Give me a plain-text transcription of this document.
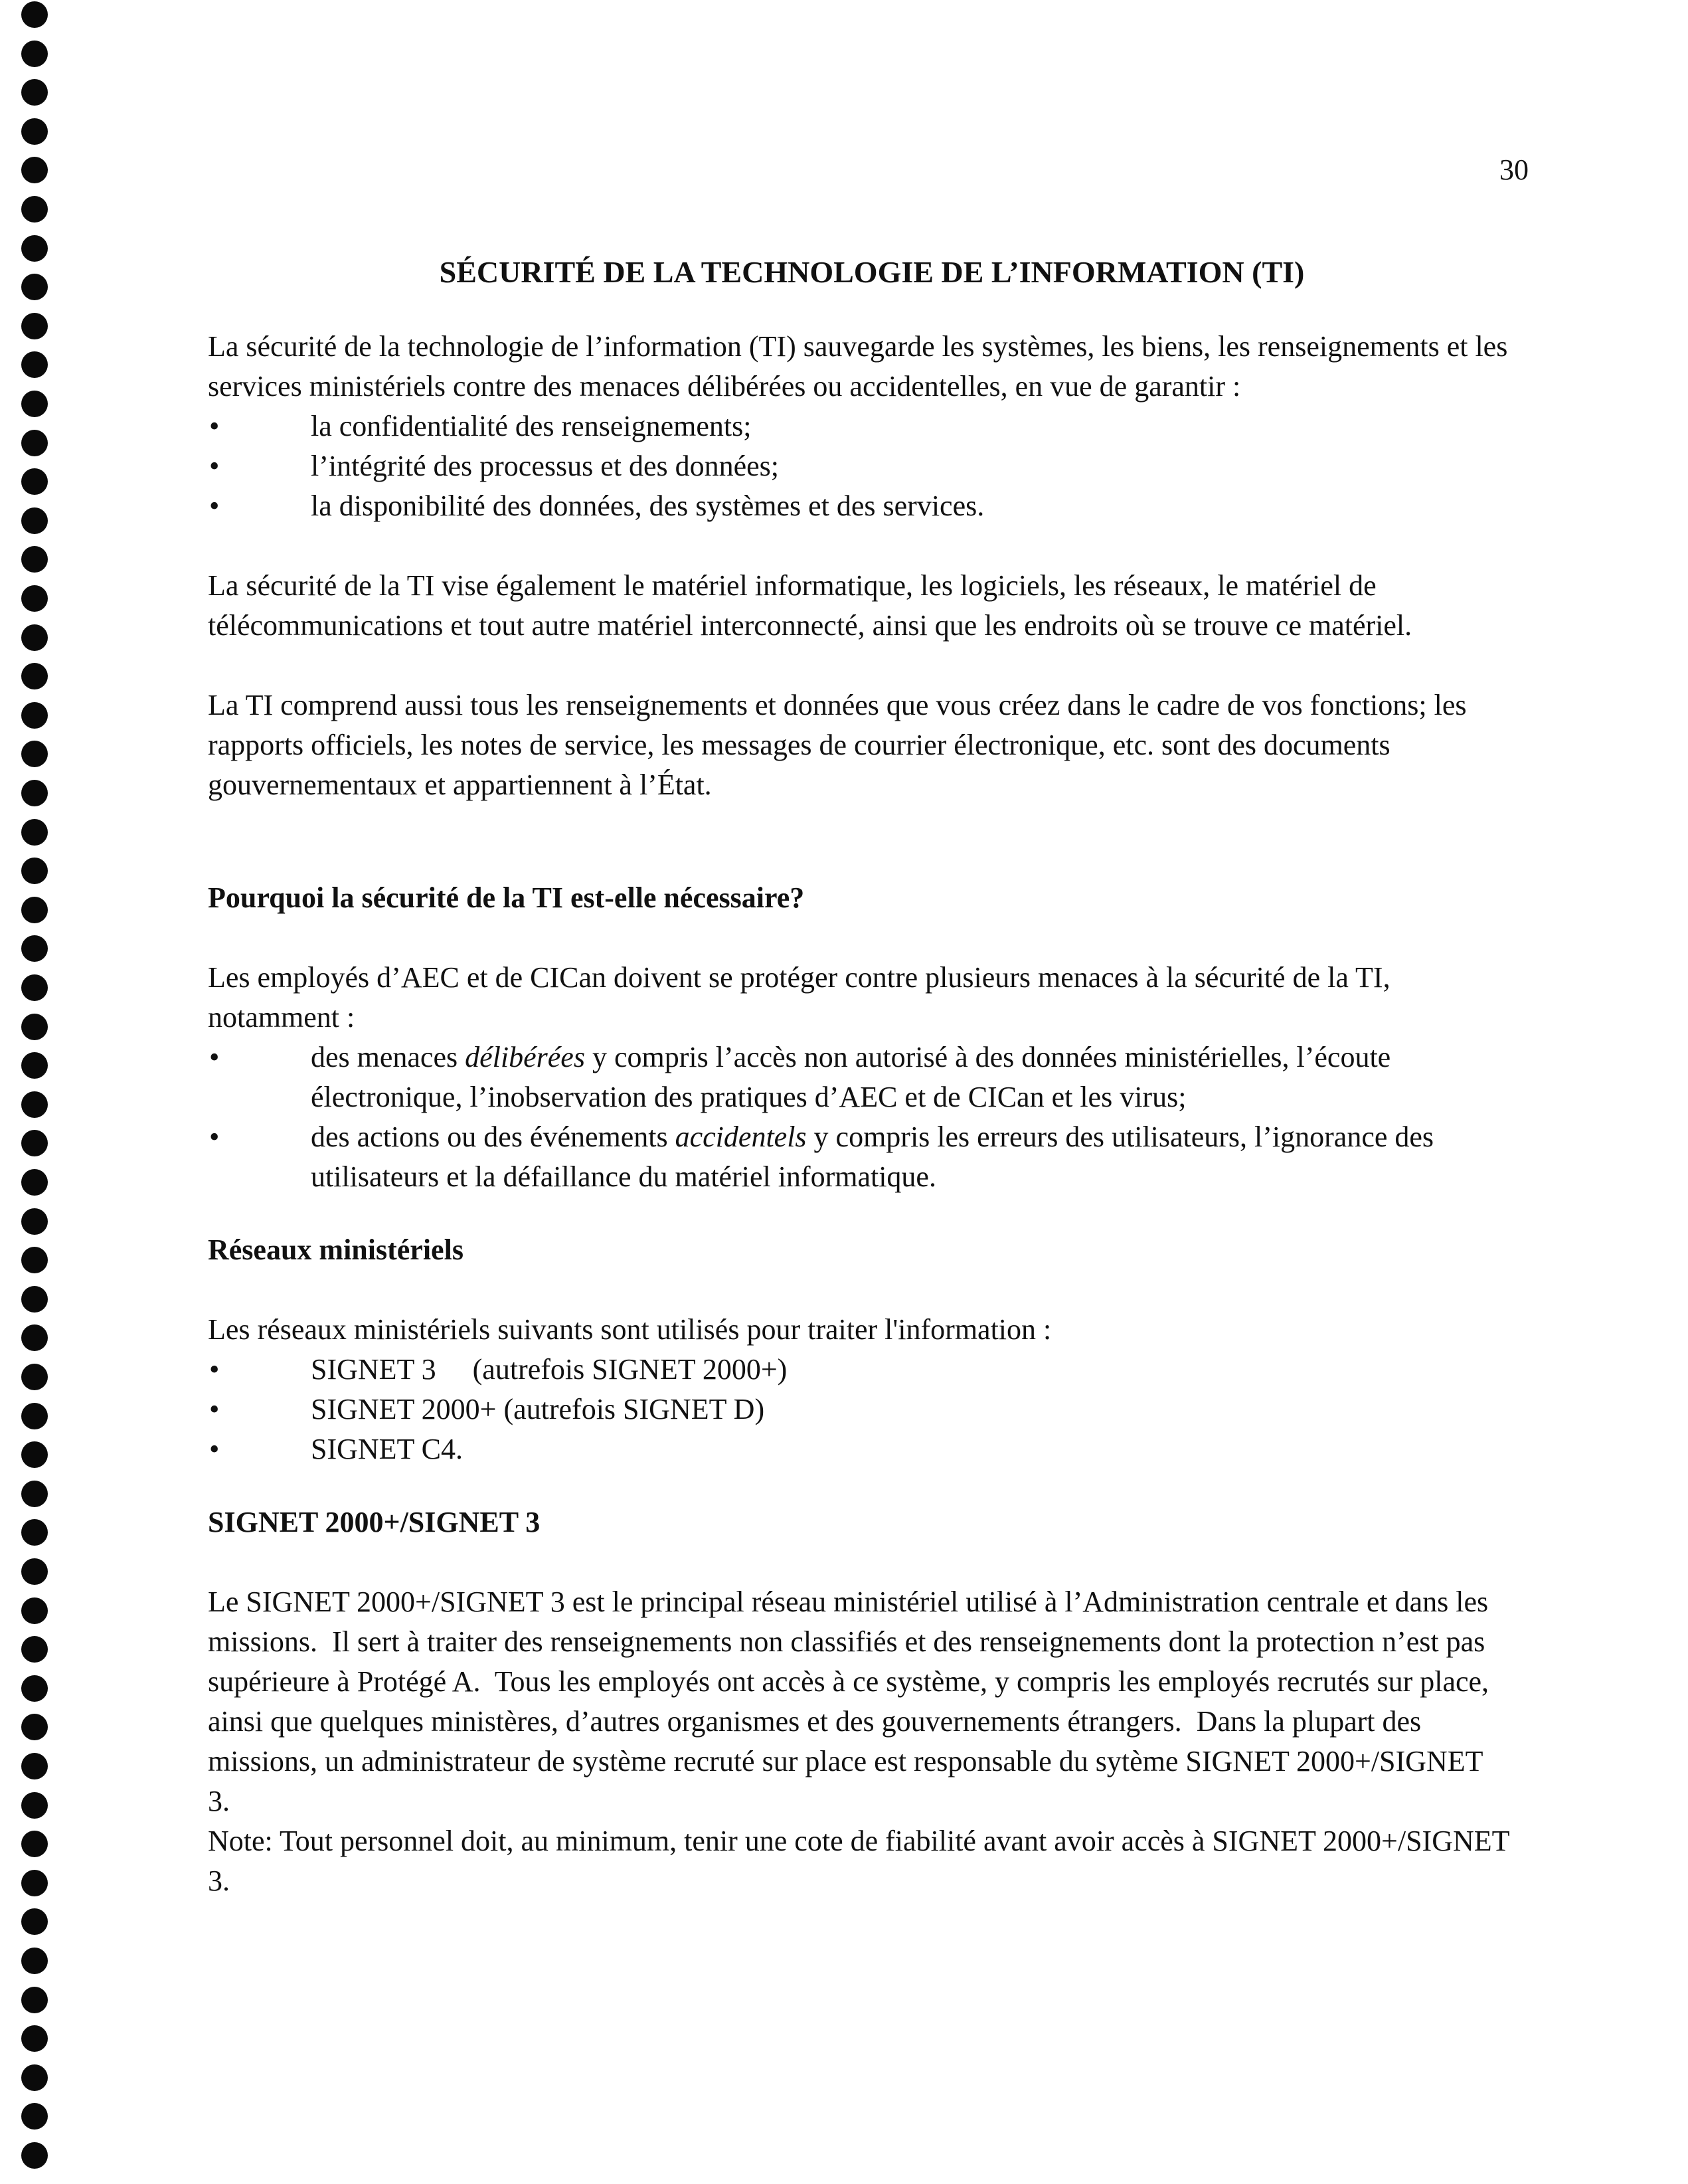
30
SÉCURITÉ DE LA TECHNOLOGIE DE L’INFORMATION (TI)

La sécurité de la technologie de l’information (TI) sauvegarde les systèmes, les biens, les renseignements et les services ministériels contre des menaces délibérées ou accidentelles, en vue de garantir :

•	la confidentialité des renseignements;
•	l’intégrité des processus et des données;
•	la disponibilité des données, des systèmes et des services.

La sécurité de la TI vise également le matériel informatique, les logiciels, les réseaux, le matériel de télécommunications et tout autre matériel interconnecté, ainsi que les endroits où se trouve ce matériel.

La TI comprend aussi tous les renseignements et données que vous créez dans le cadre de vos fonctions; les rapports officiels, les notes de service, les messages de courrier électronique, etc. sont des documents gouvernementaux et appartiennent à l’État.

Pourquoi la sécurité de la TI est-elle nécessaire?

Les employés d’AEC et de CICan doivent se protéger contre plusieurs menaces à la sécurité de la TI, notamment :

•	des menaces délibérées y compris l’accès non autorisé à des données ministérielles, l’écoute électronique, l’inobservation des pratiques d’AEC et de CICan et les virus;
•	des actions ou des événements accidentels y compris les erreurs des utilisateurs, l’ignorance des utilisateurs et la défaillance du matériel informatique.

Réseaux ministériels

Les réseaux ministériels suivants sont utilisés pour traiter l'information :

•	SIGNET 3     (autrefois SIGNET 2000+)
•	SIGNET 2000+ (autrefois SIGNET D)
•	SIGNET C4.

SIGNET 2000+/SIGNET 3

Le SIGNET 2000+/SIGNET 3 est le principal réseau ministériel utilisé à l’Administration centrale et dans les missions.  Il sert à traiter des renseignements non classifiés et des renseignements dont la protection n’est pas supérieure à Protégé A.  Tous les employés ont accès à ce système, y compris les employés recrutés sur place, ainsi que quelques ministères, d’autres organismes et des gouvernements étrangers.  Dans la plupart des missions, un administrateur de système recruté sur place est responsable du sytème SIGNET 2000+/SIGNET 3.

Note: Tout personnel doit, au minimum, tenir une cote de fiabilité avant avoir accès à SIGNET 2000+/SIGNET 3.
